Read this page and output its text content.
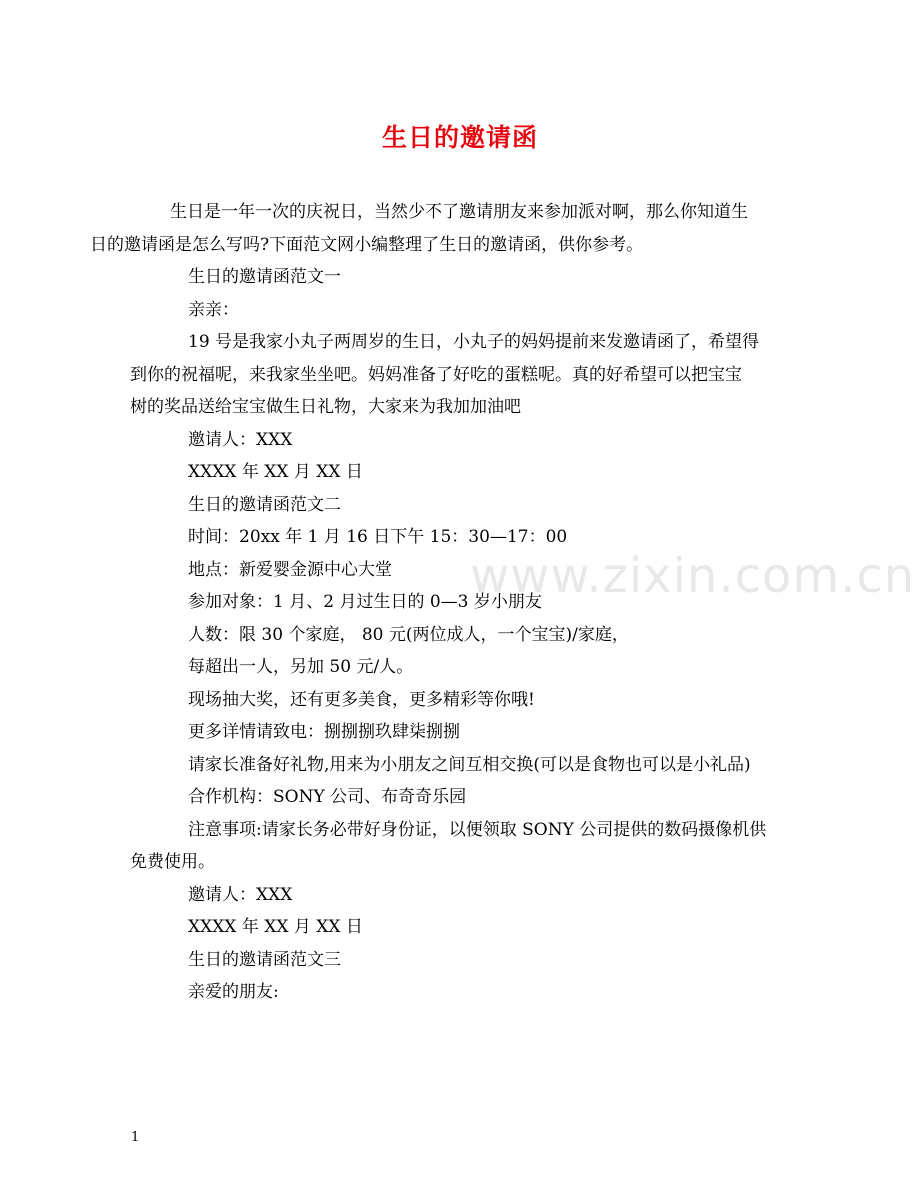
www.zixin.com.cn
生日的邀请函

生日是一年一次的庆祝日，当然少不了邀请朋友来参加派对啊，那么你知道生
日的邀请函是怎么写吗?下面范文网小编整理了生日的邀请函，供你参考。

生日的邀请函范文一

亲亲：

19 号是我家小丸子两周岁的生日，小丸子的妈妈提前来发邀请函了，希望得
到你的祝福呢，来我家坐坐吧。妈妈准备了好吃的蛋糕呢。真的好希望可以把宝宝
树的奖品送给宝宝做生日礼物，大家来为我加加油吧

邀请人：XXX

XXXX 年 XX 月 XX 日

生日的邀请函范文二

时间：20xx 年 1 月 16 日下午 15：30—17：00

地点：新爱婴金源中心大堂

参加对象：1 月、2 月过生日的 0—3 岁小朋友

人数：限 30 个家庭， 80 元(两位成人，一个宝宝)/家庭，

每超出一人，另加 50 元/人。

现场抽大奖，还有更多美食，更多精彩等你哦!

更多详情请致电：捌捌捌玖肆柒捌捌

请家长准备好礼物,用来为小朋友之间互相交换(可以是食物也可以是小礼品)

合作机构：SONY 公司、布奇奇乐园

注意事项:请家长务必带好身份证，以便领取 SONY 公司提供的数码摄像机供
免费使用。

邀请人：XXX

XXXX 年 XX 月 XX 日

生日的邀请函范文三

亲爱的朋友:

1
